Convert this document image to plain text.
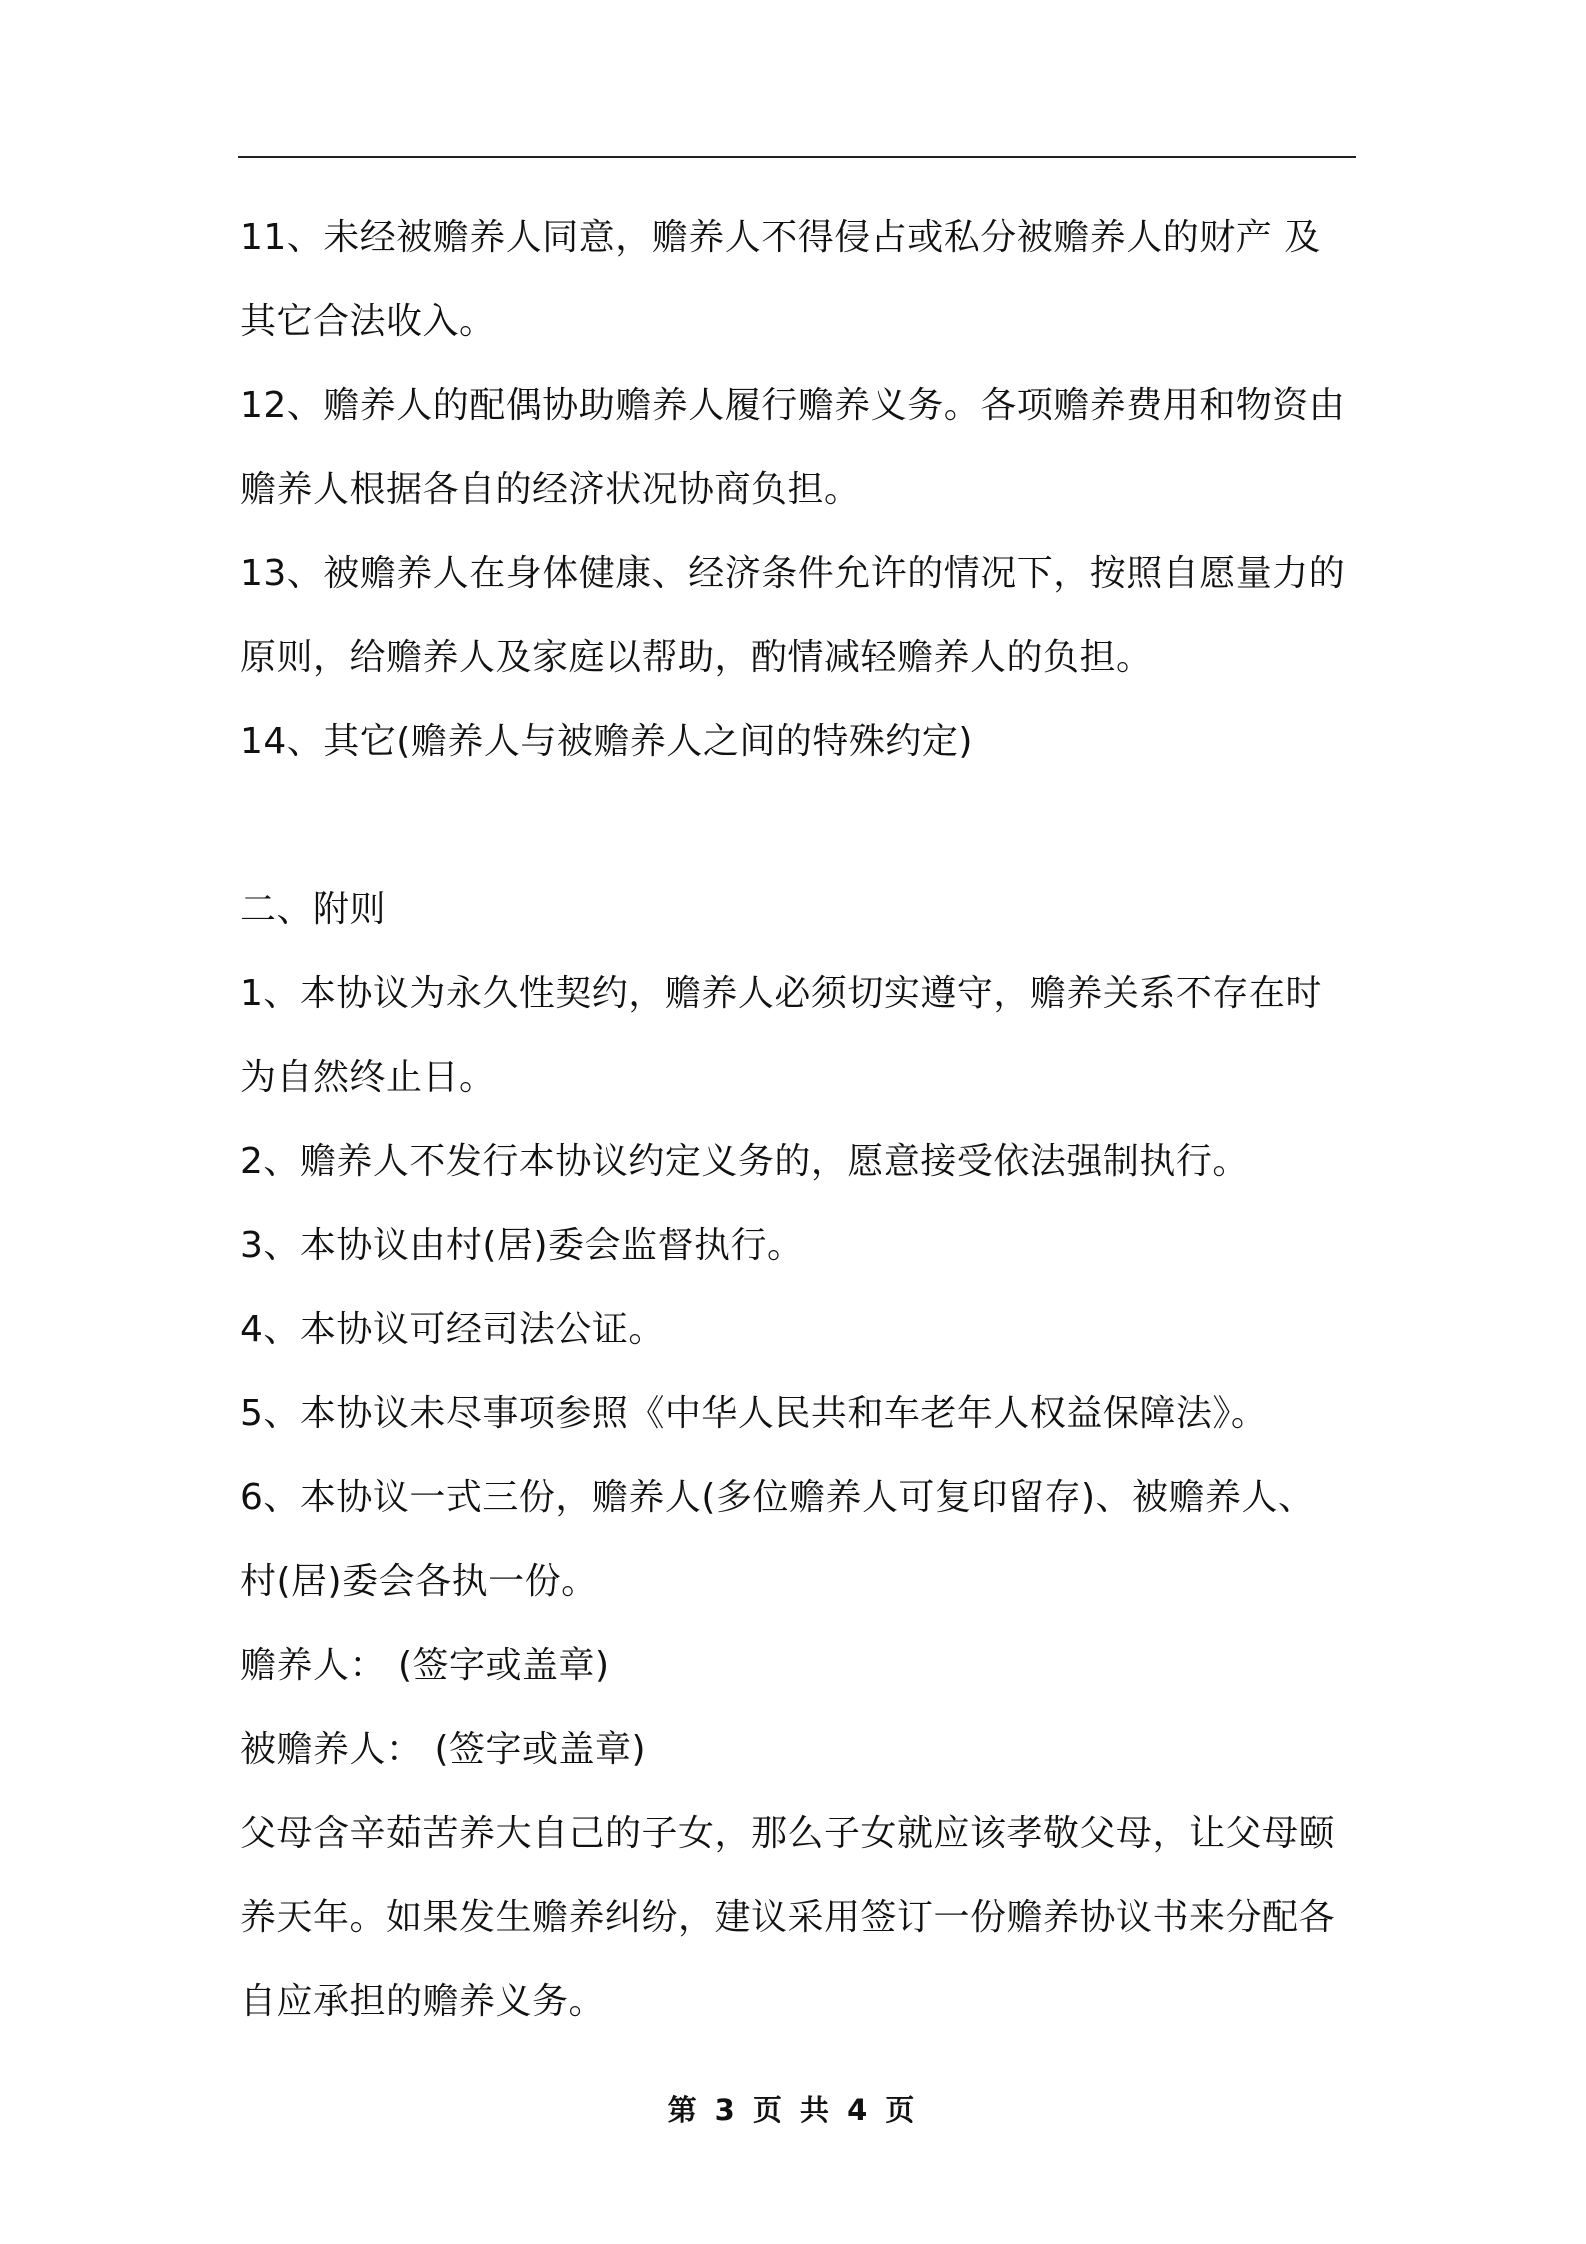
11、未经被赡养人同意，赡养人不得侵占或私分被赡养人的财产 及
其它合法收入。
12、赡养人的配偶协助赡养人履行赡养义务。各项赡养费用和物资由
赡养人根据各自的经济状况协商负担。
13、被赡养人在身体健康、经济条件允许的情况下，按照自愿量力的
原则，给赡养人及家庭以帮助，酌情减轻赡养人的负担。
14、其它(赡养人与被赡养人之间的特殊约定)
二、附则
1、本协议为永久性契约，赡养人必须切实遵守，赡养关系不存在时
为自然终止日。
2、赡养人不发行本协议约定义务的，愿意接受依法强制执行。
3、本协议由村(居)委会监督执行。
4、本协议可经司法公证。
5、本协议未尽事项参照《中华人民共和车老年人权益保障法》。
6、本协议一式三份，赡养人(多位赡养人可复印留存)、被赡养人、
村(居)委会各执一份。
赡养人： (签字或盖章)
被赡养人： (签字或盖章)
父母含辛茹苦养大自己的子女，那么子女就应该孝敬父母，让父母颐
养天年。如果发生赡养纠纷，建议采用签订一份赡养协议书来分配各
自应承担的赡养义务。
第 3 页 共 4 页
